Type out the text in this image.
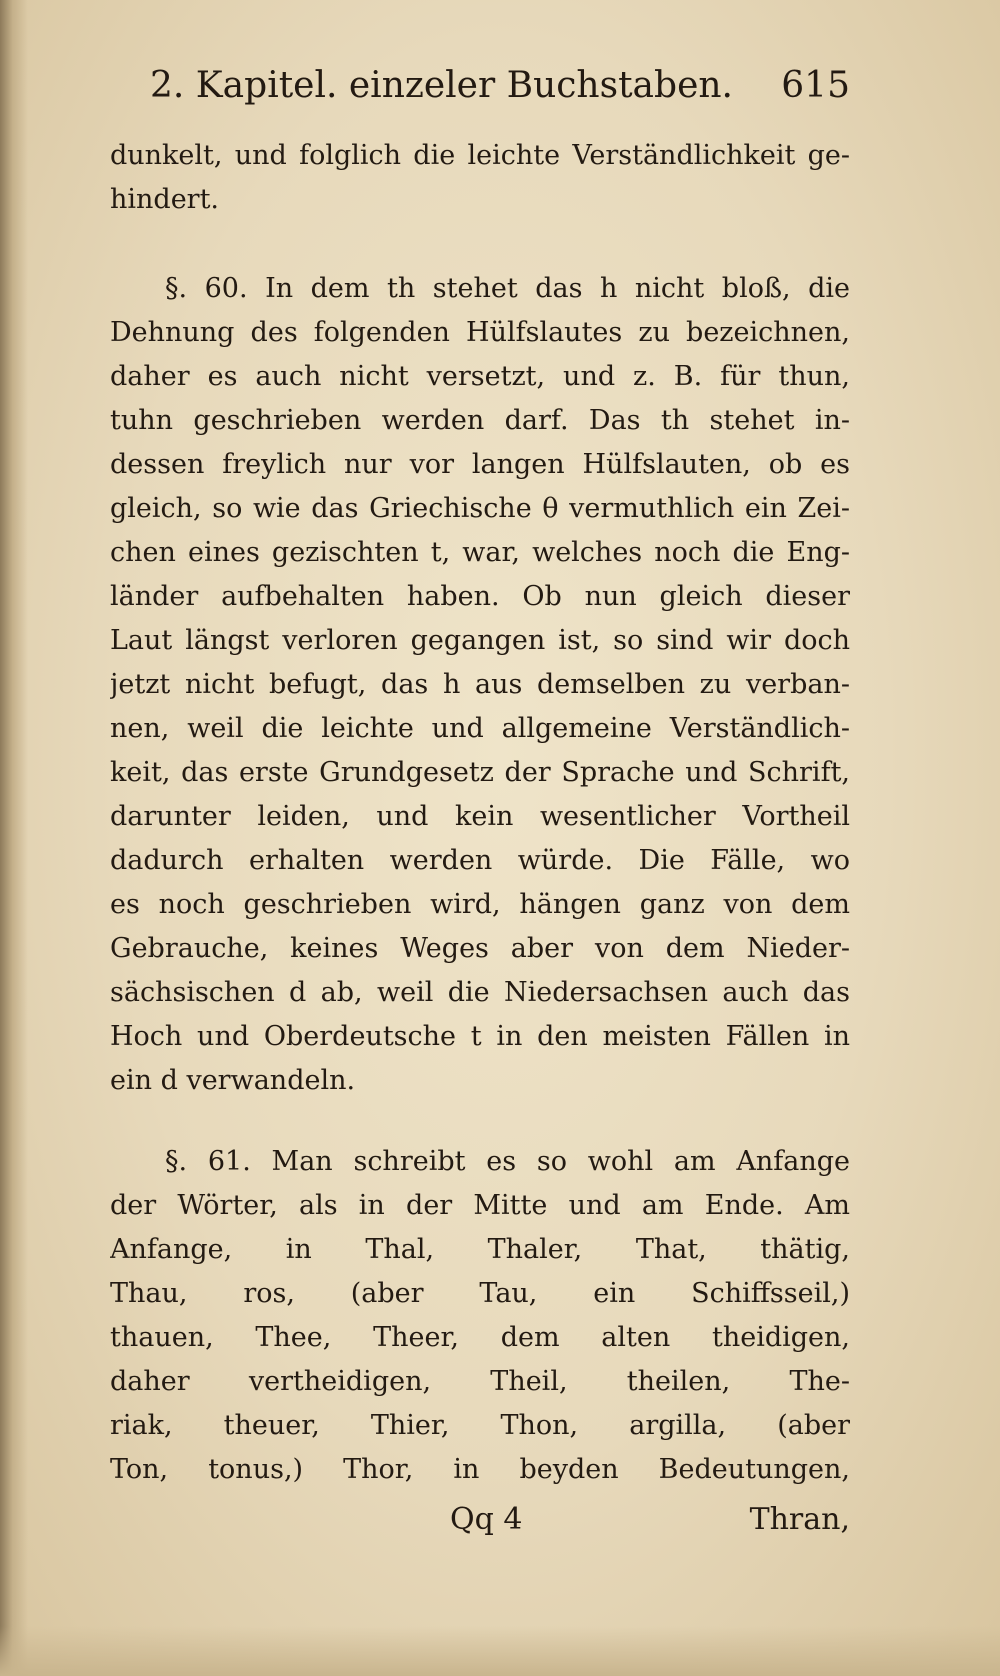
2. Kapitel. einzeler Buchstaben. 615
dunkelt, und folglich die leichte Verständlichkeit ge-
hindert.
§. 60. In dem th stehet das h nicht bloß, die
Dehnung des folgenden Hülfslautes zu bezeichnen,
daher es auch nicht versetzt, und z. B. für thun,
tuhn geschrieben werden darf. Das th stehet in-
dessen freylich nur vor langen Hülfslauten, ob es
gleich, so wie das Griechische θ vermuthlich ein Zei-
chen eines gezischten t, war, welches noch die Eng-
länder aufbehalten haben. Ob nun gleich dieser
Laut längst verloren gegangen ist, so sind wir doch
jetzt nicht befugt, das h aus demselben zu verban-
nen, weil die leichte und allgemeine Verständlich-
keit, das erste Grundgesetz der Sprache und Schrift,
darunter leiden, und kein wesentlicher Vortheil
dadurch erhalten werden würde. Die Fälle, wo
es noch geschrieben wird, hängen ganz von dem
Gebrauche, keines Weges aber von dem Nieder-
sächsischen d ab, weil die Niedersachsen auch das
Hoch und Oberdeutsche t in den meisten Fällen in
ein d verwandeln.
§. 61. Man schreibt es so wohl am Anfange
der Wörter, als in der Mitte und am Ende. Am
Anfange, in Thal, Thaler, That, thätig,
Thau, ros, (aber Tau, ein Schiffsseil,)
thauen, Thee, Theer, dem alten theidigen,
daher vertheidigen, Theil, theilen, The-
riak, theuer, Thier, Thon, argilla, (aber
Ton, tonus,) Thor, in beyden Bedeutungen,
Qq 4	Thran,
